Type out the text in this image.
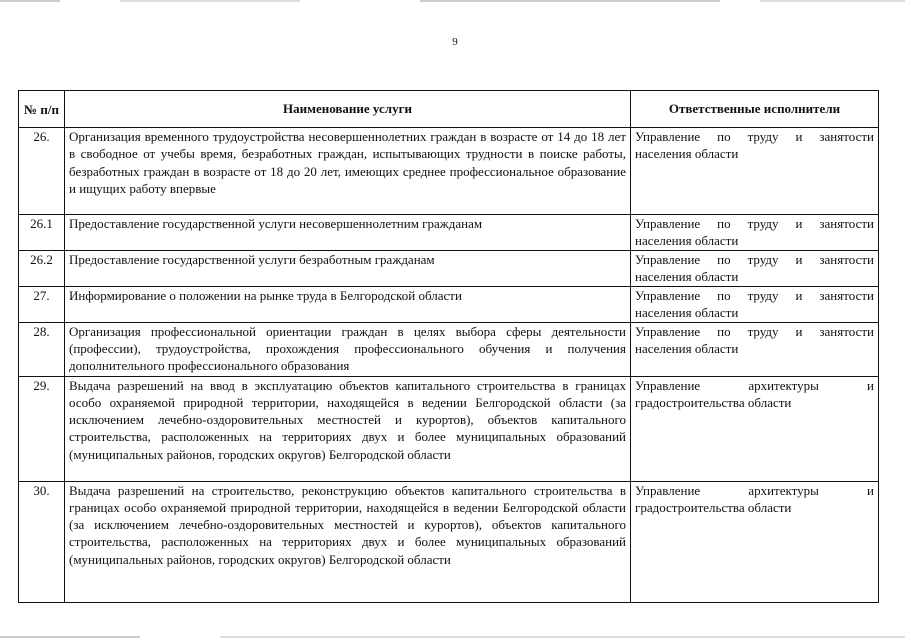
9
№ п/п	Наименование услуги	Ответственные исполнители
26.	Организация временного трудоустройства несовершеннолетних граждан в возрасте от 14 до 18 лет в свободное от учебы время, безработных граждан, испытывающих трудности в поиске работы, безработных граждан в возрасте от 18 до 20 лет, имеющих среднее профессиональное образование и ищущих работу впервые	Управление по труду и занятости населения области
26.1	Предоставление государственной услуги несовершеннолетним гражданам	Управление по труду и занятости населения области
26.2	Предоставление государственной услуги безработным гражданам	Управление по труду и занятости населения области
27.	Информирование о положении на рынке труда в Белгородской области	Управление по труду и занятости населения области
28.	Организация профессиональной ориентации граждан в целях выбора сферы деятельности (профессии), трудоустройства, прохождения профессионального обучения и получения дополнительного профессионального образования	Управление по труду и занятости населения области
29.	Выдача разрешений на ввод в эксплуатацию объектов капитального строительства в границах особо охраняемой природной территории, находящейся в ведении Белгородской области (за исключением лечебно-оздоровительных местностей и курортов), объектов капитального строительства, расположенных на территориях двух и более муниципальных образований (муниципальных районов, городских округов) Белгородской области	Управление архитектуры и градостроительства области
30.	Выдача разрешений на строительство, реконструкцию объектов капитального строительства в границах особо охраняемой природной территории, находящейся в ведении Белгородской области (за исключением лечебно-оздоровительных местностей и курортов), объектов капитального строительства, расположенных на территориях двух и более муниципальных образований (муниципальных районов, городских округов) Белгородской области	Управление архитектуры и градостроительства области
